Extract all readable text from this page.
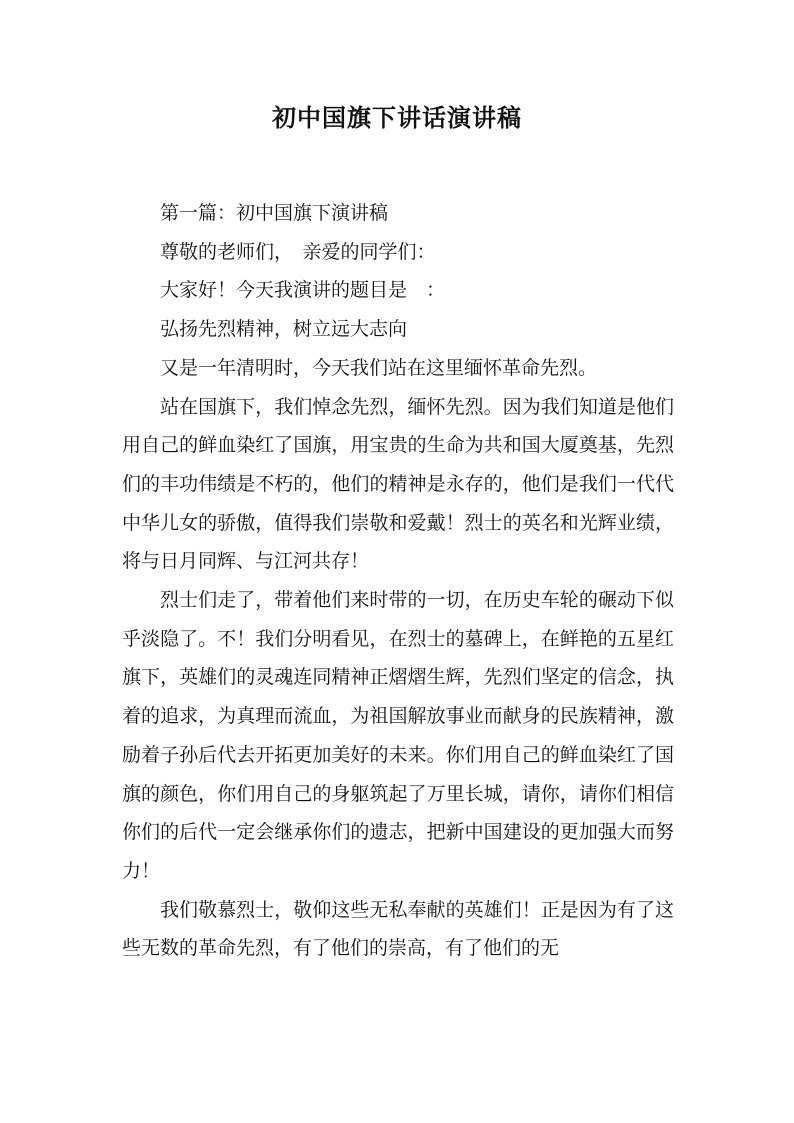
初中国旗下讲话演讲稿

第一篇：初中国旗下演讲稿

尊敬的老师们，　亲爱的同学们：

大家好！今天我演讲的题目是　：

弘扬先烈精神，树立远大志向

又是一年清明时，今天我们站在这里缅怀革命先烈。

站在国旗下，我们悼念先烈，缅怀先烈。因为我们知道是他们用自己的鲜血染红了国旗，用宝贵的生命为共和国大厦奠基，先烈们的丰功伟绩是不朽的，他们的精神是永存的，他们是我们一代代中华儿女的骄傲，值得我们崇敬和爱戴！烈士的英名和光辉业绩，将与日月同辉、与江河共存！

烈士们走了，带着他们来时带的一切，在历史车轮的碾动下似乎淡隐了。不！我们分明看见，在烈士的墓碑上，在鲜艳的五星红旗下，英雄们的灵魂连同精神正熠熠生辉，先烈们坚定的信念，执着的追求，为真理而流血，为祖国解放事业而献身的民族精神，激励着子孙后代去开拓更加美好的未来。你们用自己的鲜血染红了国旗的颜色，你们用自己的身躯筑起了万里长城，请你，请你们相信你们的后代一定会继承你们的遗志，把新中国建设的更加强大而努力！

我们敬慕烈士，敬仰这些无私奉献的英雄们！正是因为有了这些无数的革命先烈，有了他们的崇高，有了他们的无
